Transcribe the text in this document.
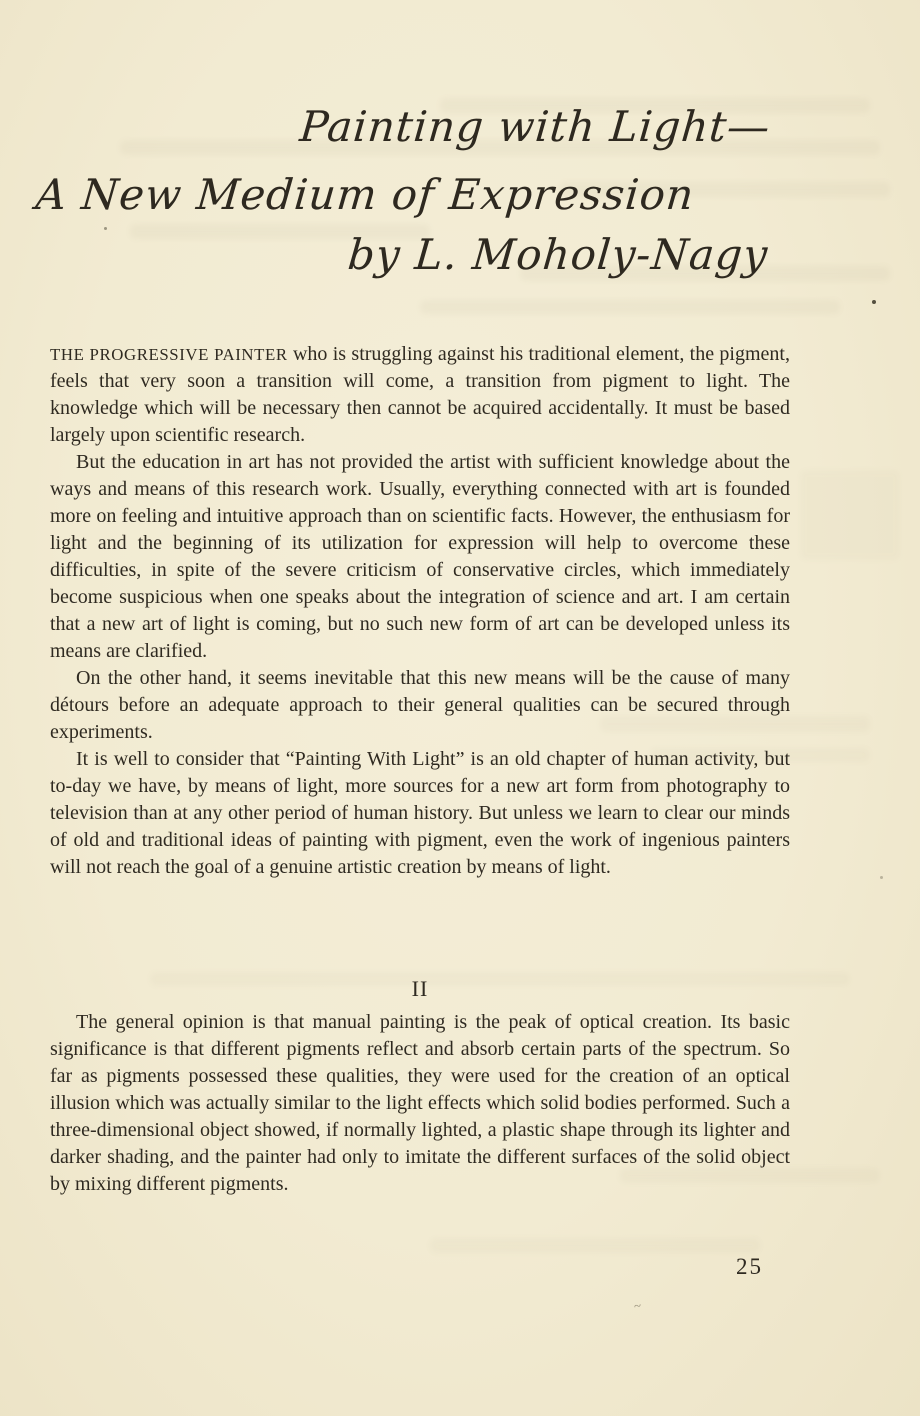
Painting with Light—
A New Medium of Expression
by L. Moholy-Nagy

THE PROGRESSIVE PAINTER who is struggling against his traditional element, the pigment, feels that very soon a transition will come, a transition from pigment to light. The knowledge which will be necessary then cannot be acquired accidentally. It must be based largely upon scientific research.

But the education in art has not provided the artist with sufficient knowledge about the ways and means of this research work. Usually, everything connected with art is founded more on feeling and intuitive approach than on scientific facts. However, the enthusiasm for light and the beginning of its utilization for expression will help to overcome these difficulties, in spite of the severe criticism of conservative circles, which immediately become suspicious when one speaks about the integration of science and art. I am certain that a new art of light is coming, but no such new form of art can be developed unless its means are clarified.

On the other hand, it seems inevitable that this new means will be the cause of many détours before an adequate approach to their general qualities can be secured through experiments.

It is well to consider that “Painting With Light” is an old chapter of human activity, but to-day we have, by means of light, more sources for a new art form from photography to television than at any other period of human history. But unless we learn to clear our minds of old and traditional ideas of painting with pigment, even the work of ingenious painters will not reach the goal of a genuine artistic creation by means of light.

II

The general opinion is that manual painting is the peak of optical creation. Its basic significance is that different pigments reflect and absorb certain parts of the spectrum. So far as pigments possessed these qualities, they were used for the creation of an optical illusion which was actually similar to the light effects which solid bodies performed. Such a three-dimensional object showed, if normally lighted, a plastic shape through its lighter and darker shading, and the painter had only to imitate the different surfaces of the solid object by mixing different pigments.

25
~
